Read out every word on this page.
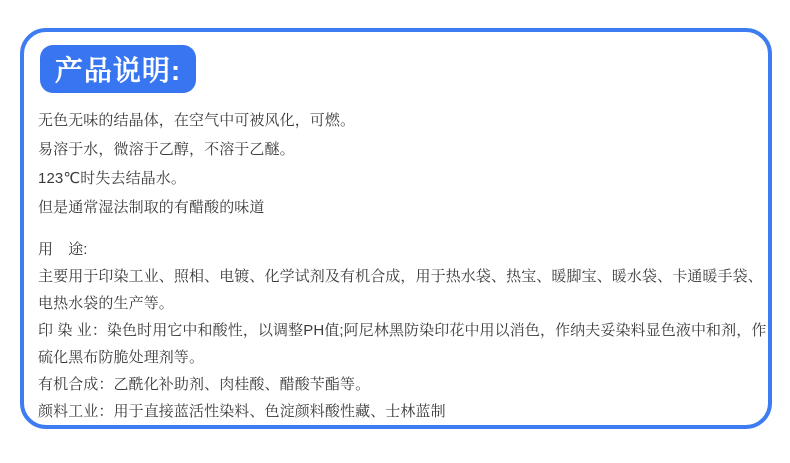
产品说明:
无色无味的结晶体，在空气中可被风化，可燃。
易溶于水，微溶于乙醇，不溶于乙醚。
123℃时失去结晶水。
但是通常湿法制取的有醋酸的味道
用　途:
主要用于印染工业、照相、电镀、化学试剂及有机合成，用于热水袋、热宝、暖脚宝、暖水袋、卡通暖手袋、电热水袋的生产等。
印 染 业：染色时用它中和酸性，以调整PH值;阿尼林黑防染印花中用以消色，作纳夫妥染料显色液中和剂，作硫化黑布防脆处理剂等。
有机合成：乙酰化补助剂、肉桂酸、醋酸苄酯等。
颜料工业：用于直接蓝活性染料、色淀颜料酸性藏、士林蓝制
